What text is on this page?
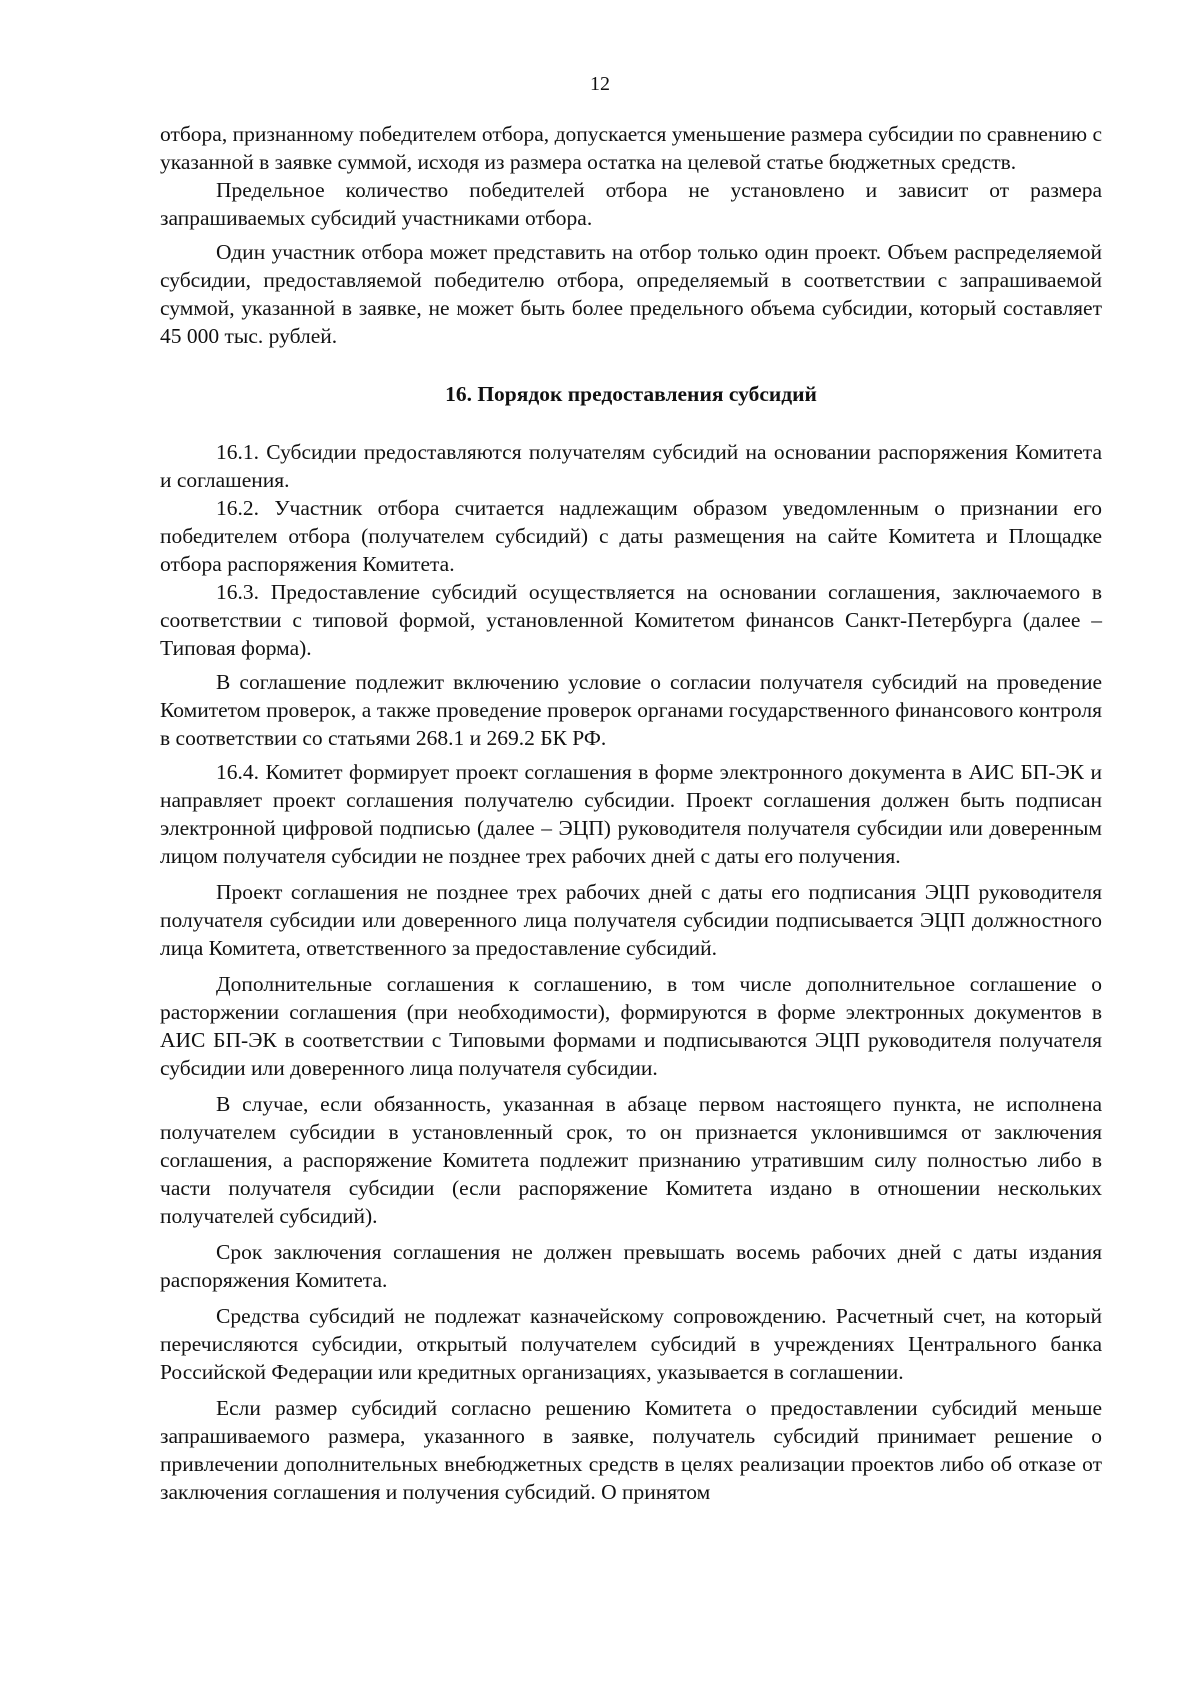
12

отбора, признанному победителем отбора, допускается уменьшение размера субсидии по сравнению с указанной в заявке суммой, исходя из размера остатка на целевой статье бюджетных средств.

Предельное количество победителей отбора не установлено и зависит от размера запрашиваемых субсидий участниками отбора.

Один участник отбора может представить на отбор только один проект. Объем распределяемой субсидии, предоставляемой победителю отбора, определяемый в соответствии с запрашиваемой суммой, указанной в заявке, не может быть более предельного объема субсидии, который составляет 45 000 тыс. рублей.

16. Порядок предоставления субсидий

16.1. Субсидии предоставляются получателям субсидий на основании распоряжения Комитета и соглашения.

16.2. Участник отбора считается надлежащим образом уведомленным о признании его победителем отбора (получателем субсидий) с даты размещения на сайте Комитета и Площадке отбора распоряжения Комитета.

16.3. Предоставление субсидий осуществляется на основании соглашения, заключаемого в соответствии с типовой формой, установленной Комитетом финансов Санкт-Петербурга (далее – Типовая форма).

В соглашение подлежит включению условие о согласии получателя субсидий на проведение Комитетом проверок, а также проведение проверок органами государственного финансового контроля в соответствии со статьями 268.1 и 269.2 БК РФ.

16.4. Комитет формирует проект соглашения в форме электронного документа в АИС БП-ЭК и направляет проект соглашения получателю субсидии. Проект соглашения должен быть подписан электронной цифровой подписью (далее – ЭЦП) руководителя получателя субсидии или доверенным лицом получателя субсидии не позднее трех рабочих дней с даты его получения.

Проект соглашения не позднее трех рабочих дней с даты его подписания ЭЦП руководителя получателя субсидии или доверенного лица получателя субсидии подписывается ЭЦП должностного лица Комитета, ответственного за предоставление субсидий.

Дополнительные соглашения к соглашению, в том числе дополнительное соглашение о расторжении соглашения (при необходимости), формируются в форме электронных документов в АИС БП-ЭК в соответствии с Типовыми формами и подписываются ЭЦП руководителя получателя субсидии или доверенного лица получателя субсидии.

В случае, если обязанность, указанная в абзаце первом настоящего пункта, не исполнена получателем субсидии в установленный срок, то он признается уклонившимся от заключения соглашения, а распоряжение Комитета подлежит признанию утратившим силу полностью либо в части получателя субсидии (если распоряжение Комитета издано в отношении нескольких получателей субсидий).

Срок заключения соглашения не должен превышать восемь рабочих дней с даты издания распоряжения Комитета.

Средства субсидий не подлежат казначейскому сопровождению. Расчетный счет, на который перечисляются субсидии, открытый получателем субсидий в учреждениях Центрального банка Российской Федерации или кредитных организациях, указывается в соглашении.

Если размер субсидий согласно решению Комитета о предоставлении субсидий меньше запрашиваемого размера, указанного в заявке, получатель субсидий принимает решение о привлечении дополнительных внебюджетных средств в целях реализации проектов либо об отказе от заключения соглашения и получения субсидий. О принятом
